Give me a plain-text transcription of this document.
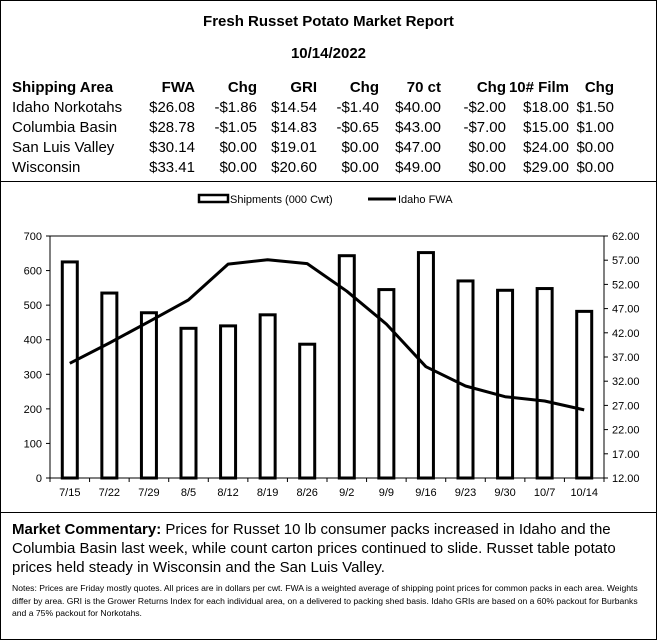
Fresh Russet Potato Market Report
10/14/2022
Shipping Area	FWA	Chg	GRI	Chg	70 ct	Chg	10# Film	Chg
Idaho Norkotahs	$26.08	-$1.86	$14.54	-$1.40	$40.00	-$2.00	$18.00	$1.50
Columbia Basin	$28.78	-$1.05	$14.83	-$0.65	$43.00	-$7.00	$15.00	$1.00
San Luis Valley	$30.14	$0.00	$19.01	$0.00	$47.00	$0.00	$24.00	$0.00
Wisconsin	$33.41	$0.00	$20.60	$0.00	$49.00	$0.00	$29.00	$0.00
0
100
200
300
400
500
600
700
12.00
17.00
22.00
27.00
32.00
37.00
42.00
47.00
52.00
57.00
62.00
7/15 7/22 7/29 8/5 8/12 8/19 8/26 9/2 9/9 9/16 9/23 9/30 10/7 10/14
Shipments (000 Cwt)	Idaho FWA
Market Commentary: Prices for Russet 10 lb consumer packs increased in Idaho and the Columbia Basin last week, while count carton prices continued to slide. Russet table potato prices held steady in Wisconsin and the San Luis Valley.
Notes: Prices are Friday mostly quotes. All prices are in dollars per cwt. FWA is a weighted average of shipping point prices for common packs in each area. Weights differ by area. GRI is the Grower Returns Index for each individual area, on a delivered to packing shed basis. Idaho GRIs are based on a 60% packout for Burbanks and a 75% packout for Norkotahs.
